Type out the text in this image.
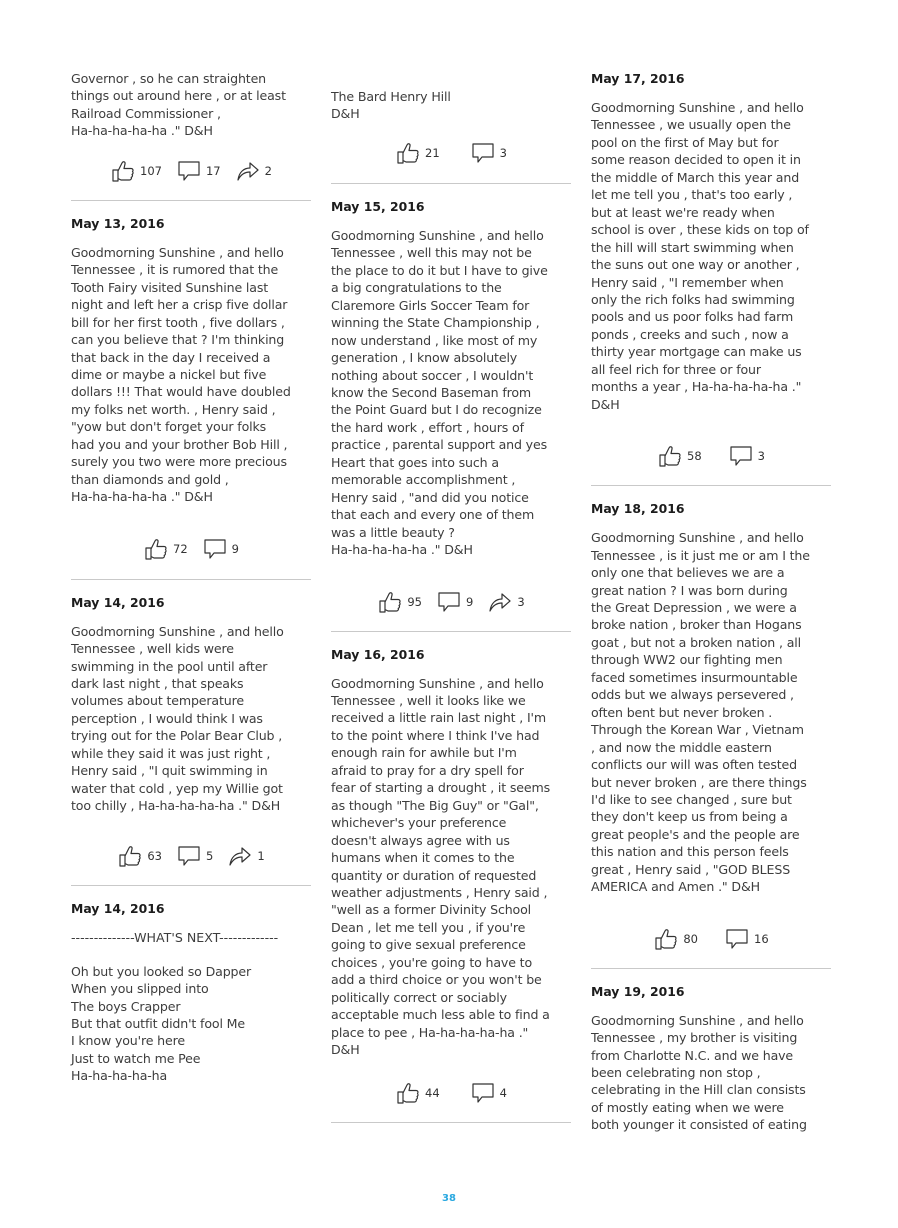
Governor , so he can straighten
things out around here , or at least
Railroad Commissioner ,
Ha-ha-ha-ha-ha ." D&H

107	17	2

May 13, 2016

Goodmorning Sunshine , and hello
Tennessee , it is rumored that the
Tooth Fairy visited Sunshine last
night and left her a crisp five dollar
bill for her first tooth , five dollars ,
can you believe that ? I'm thinking
that back in the day I received a
dime or maybe a nickel but five
dollars !!! That would have doubled
my folks net worth. , Henry said ,
"yow but don't forget your folks
had you and your brother Bob Hill ,
surely you two were more precious
than diamonds and gold ,
Ha-ha-ha-ha-ha ." D&H

72	9

May 14, 2016

Goodmorning Sunshine , and hello
Tennessee , well kids were
swimming in the pool until after
dark last night , that speaks
volumes about temperature
perception , I would think I was
trying out for the Polar Bear Club ,
while they said it was just right ,
Henry said , "I quit swimming in
water that cold , yep my Willie got
too chilly , Ha-ha-ha-ha-ha ." D&H

63	5	1

May 14, 2016

--------------WHAT'S NEXT-------------

Oh but you looked so Dapper
When you slipped into
The boys Crapper
But that outfit didn't fool Me
I know you're here
Just to watch me Pee
Ha-ha-ha-ha-ha

The Bard Henry Hill
D&H

21	3

May 15, 2016

Goodmorning Sunshine , and hello
Tennessee , well this may not be
the place to do it but I have to give
a big congratulations to the
Claremore Girls Soccer Team for
winning the State Championship ,
now understand , like most of my
generation , I know absolutely
nothing about soccer , I wouldn't
know the Second Baseman from
the Point Guard but I do recognize
the hard work , effort , hours of
practice , parental support and yes
Heart that goes into such a
memorable accomplishment ,
Henry said , "and did you notice
that each and every one of them
was a little beauty ?
Ha-ha-ha-ha-ha ." D&H

95	9	3

May 16, 2016

Goodmorning Sunshine , and hello
Tennessee , well it looks like we
received a little rain last night , I'm
to the point where I think I've had
enough rain for awhile but I'm
afraid to pray for a dry spell for
fear of starting a drought , it seems
as though "The Big Guy" or "Gal",
whichever's your preference
doesn't always agree with us
humans when it comes to the
quantity or duration of requested
weather adjustments , Henry said ,
"well as a former Divinity School
Dean , let me tell you , if you're
going to give sexual preference
choices , you're going to have to
add a third choice or you won't be
politically correct or sociably
acceptable much less able to find a
place to pee , Ha-ha-ha-ha-ha ."
D&H

44	4

May 17, 2016

Goodmorning Sunshine , and hello
Tennessee , we usually open the
pool on the first of May but for
some reason decided to open it in
the middle of March this year and
let me tell you , that's too early ,
but at least we're ready when
school is over , these kids on top of
the hill will start swimming when
the suns out one way or another ,
Henry said , "I remember when
only the rich folks had swimming
pools and us poor folks had farm
ponds , creeks and such , now a
thirty year mortgage can make us
all feel rich for three or four
months a year , Ha-ha-ha-ha-ha ."
D&H

58	3

May 18, 2016

Goodmorning Sunshine , and hello
Tennessee , is it just me or am I the
only one that believes we are a
great nation ? I was born during
the Great Depression , we were a
broke nation , broker than Hogans
goat , but not a broken nation , all
through WW2 our fighting men
faced sometimes insurmountable
odds but we always persevered ,
often bent but never broken .
Through the Korean War , Vietnam
, and now the middle eastern
conflicts our will was often tested
but never broken , are there things
I'd like to see changed , sure but
they don't keep us from being a
great people's and the people are
this nation and this person feels
great , Henry said , "GOD BLESS
AMERICA and Amen ." D&H

80	16

May 19, 2016

Goodmorning Sunshine , and hello
Tennessee , my brother is visiting
from Charlotte N.C. and we have
been celebrating non stop ,
celebrating in the Hill clan consists
of mostly eating when we were
both younger it consisted of eating

38
